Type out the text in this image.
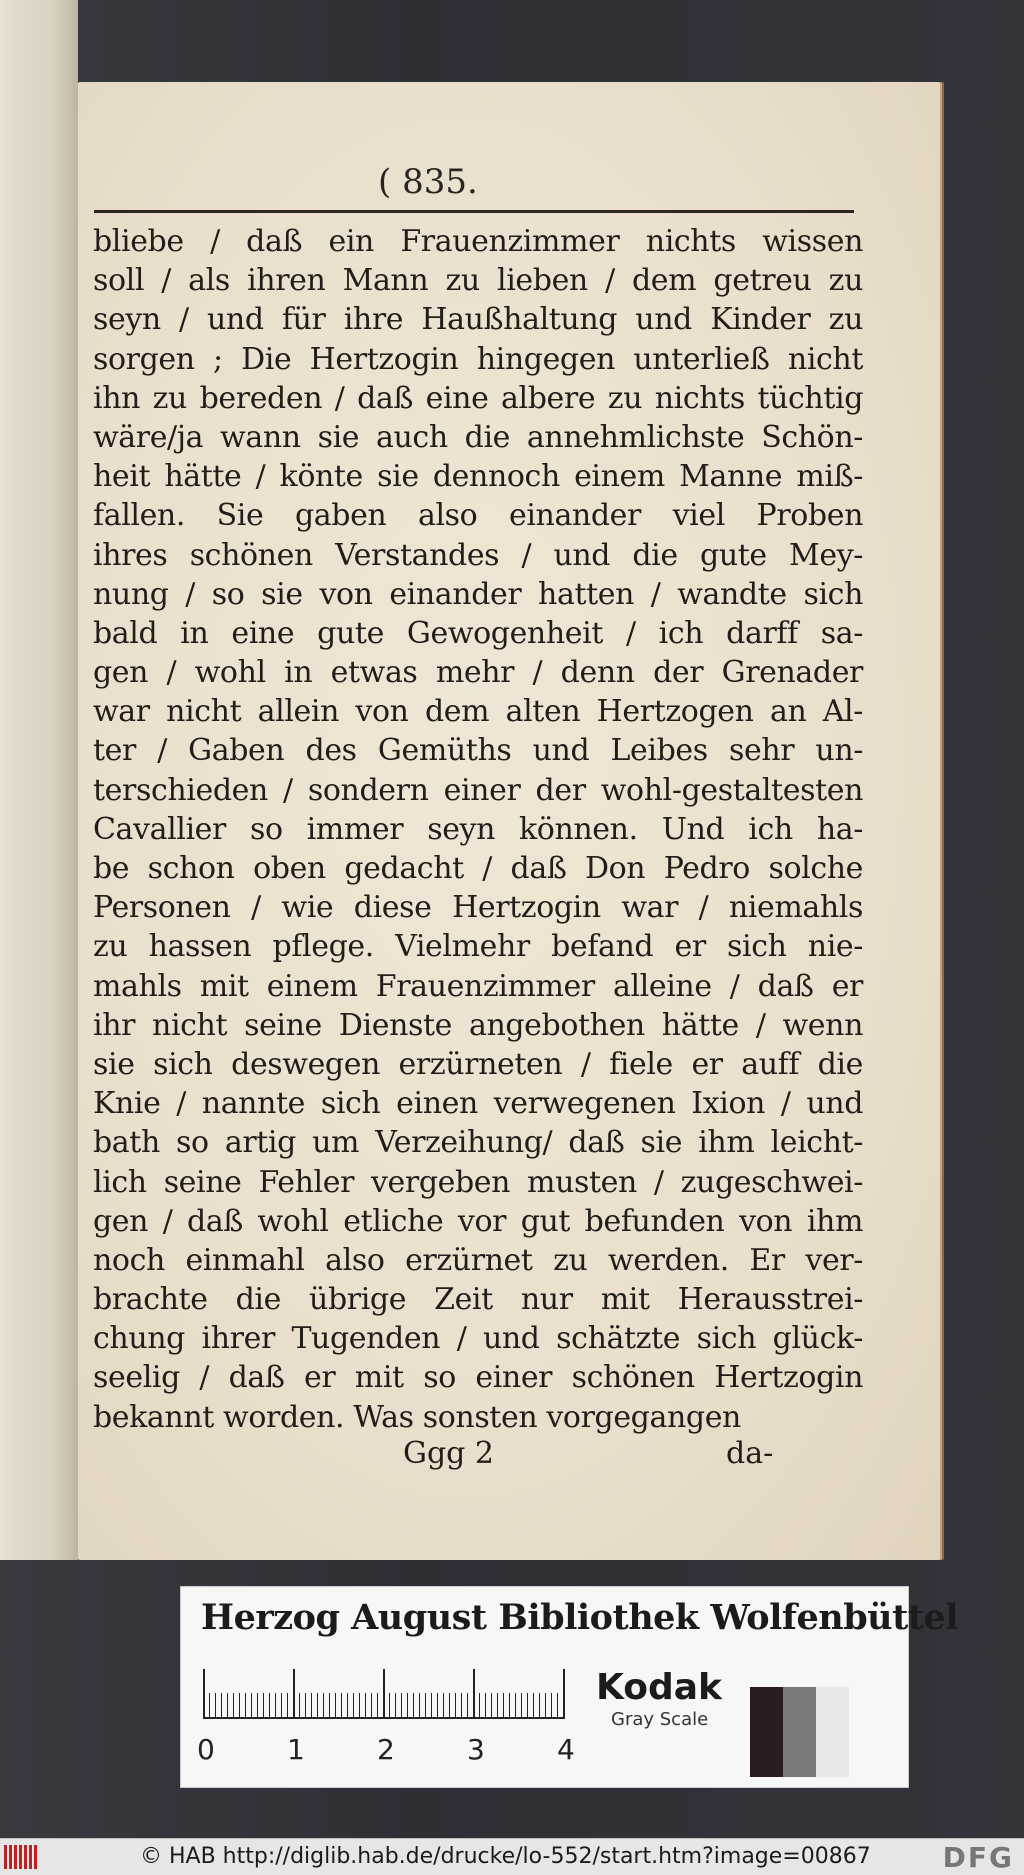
( 835.
bliebe / daß ein Frauenzimmer nichts wissen
soll / als ihren Mann zu lieben / dem getreu zu
seyn / und für ihre Haußhaltung und Kinder zu
sorgen ; Die Hertzogin hingegen unterließ nicht
ihn zu bereden / daß eine albere zu nichts tüchtig
wäre/ja wann sie auch die annehmlichste Schön-
heit hätte / könte sie dennoch einem Manne miß-
fallen. Sie gaben also einander viel Proben
ihres schönen Verstandes / und die gute Mey-
nung / so sie von einander hatten / wandte sich
bald in eine gute Gewogenheit / ich darff sa-
gen / wohl in etwas mehr / denn der Grenader
war nicht allein von dem alten Hertzogen an Al-
ter / Gaben des Gemüths und Leibes sehr un-
terschieden / sondern einer der wohl-gestaltesten
Cavallier so immer seyn können. Und ich ha-
be schon oben gedacht / daß Don Pedro solche
Personen / wie diese Hertzogin war / niemahls
zu hassen pflege. Vielmehr befand er sich nie-
mahls mit einem Frauenzimmer alleine / daß er
ihr nicht seine Dienste angebothen hätte / wenn
sie sich deswegen erzürneten / fiele er auff die
Knie / nannte sich einen verwegenen Ixion / und
bath so artig um Verzeihung/ daß sie ihm leicht-
lich seine Fehler vergeben musten / zugeschwei-
gen / daß wohl etliche vor gut befunden von ihm
noch einmahl also erzürnet zu werden. Er ver-
brachte die übrige Zeit nur mit Herausstrei-
chung ihrer Tugenden / und schätzte sich glück-
seelig / daß er mit so einer schönen Hertzogin
bekannt worden. Was sonsten vorgegangen
Ggg 2	da-
Herzog August Bibliothek Wolfenbüttel
0	1	2	3	4
Kodak
Gray Scale
© HAB http://diglib.hab.de/drucke/lo-552/start.htm?image=00867	DFG
